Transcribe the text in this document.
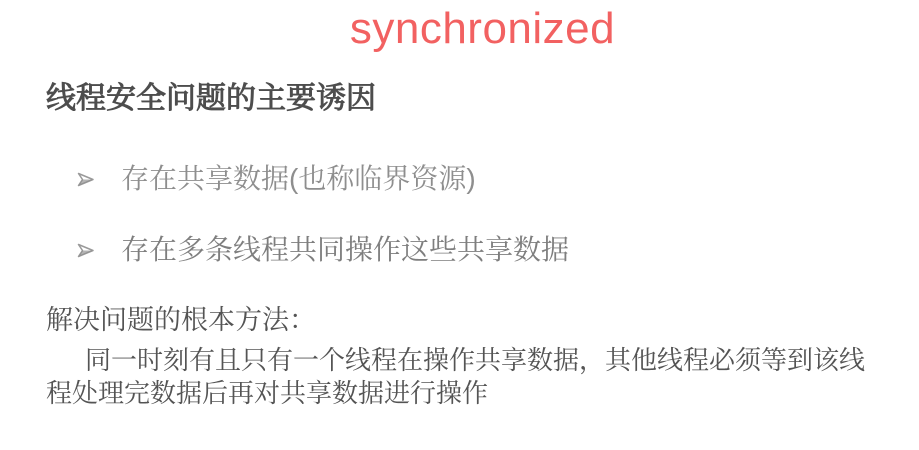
synchronized
线程安全问题的主要诱因
存在共享数据(也称临界资源)
存在多条线程共同操作这些共享数据
解决问题的根本方法：
同一时刻有且只有一个线程在操作共享数据，其他线程必须等到该线
程处理完数据后再对共享数据进行操作
